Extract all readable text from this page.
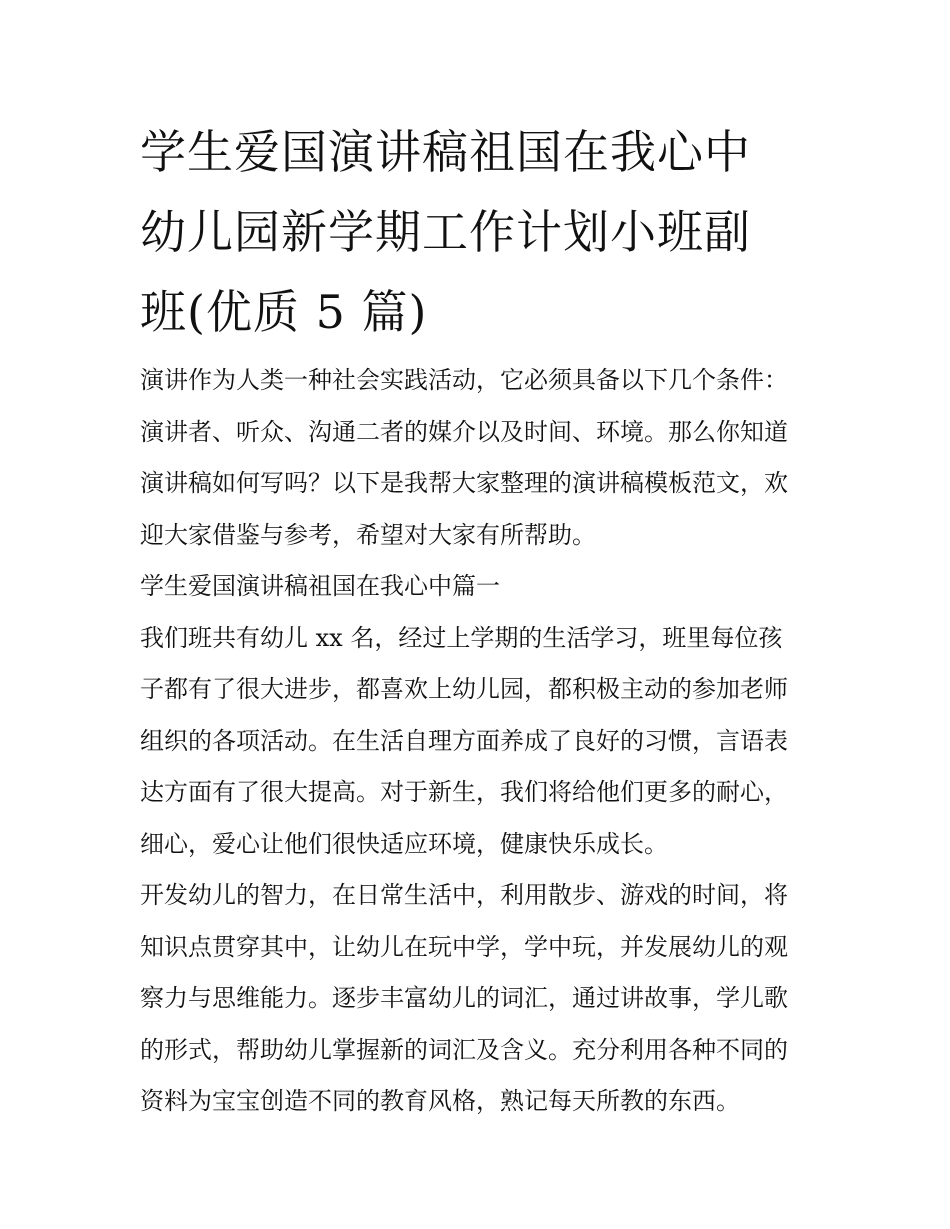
学生爱国演讲稿祖国在我心中
幼儿园新学期工作计划小班副
班(优质 5 篇)
演讲作为人类一种社会实践活动，它必须具备以下几个条件：
演讲者、听众、沟通二者的媒介以及时间、环境。那么你知道
演讲稿如何写吗？以下是我帮大家整理的演讲稿模板范文，欢
迎大家借鉴与参考，希望对大家有所帮助。
学生爱国演讲稿祖国在我心中篇一
我们班共有幼儿 xx 名，经过上学期的生活学习，班里每位孩
子都有了很大进步，都喜欢上幼儿园，都积极主动的参加老师
组织的各项活动。在生活自理方面养成了良好的习惯，言语表
达方面有了很大提高。对于新生，我们将给他们更多的耐心，
细心，爱心让他们很快适应环境，健康快乐成长。
开发幼儿的智力，在日常生活中，利用散步、游戏的时间，将
知识点贯穿其中，让幼儿在玩中学，学中玩，并发展幼儿的观
察力与思维能力。逐步丰富幼儿的词汇，通过讲故事，学儿歌
的形式，帮助幼儿掌握新的词汇及含义。充分利用各种不同的
资料为宝宝创造不同的教育风格，熟记每天所教的东西。
